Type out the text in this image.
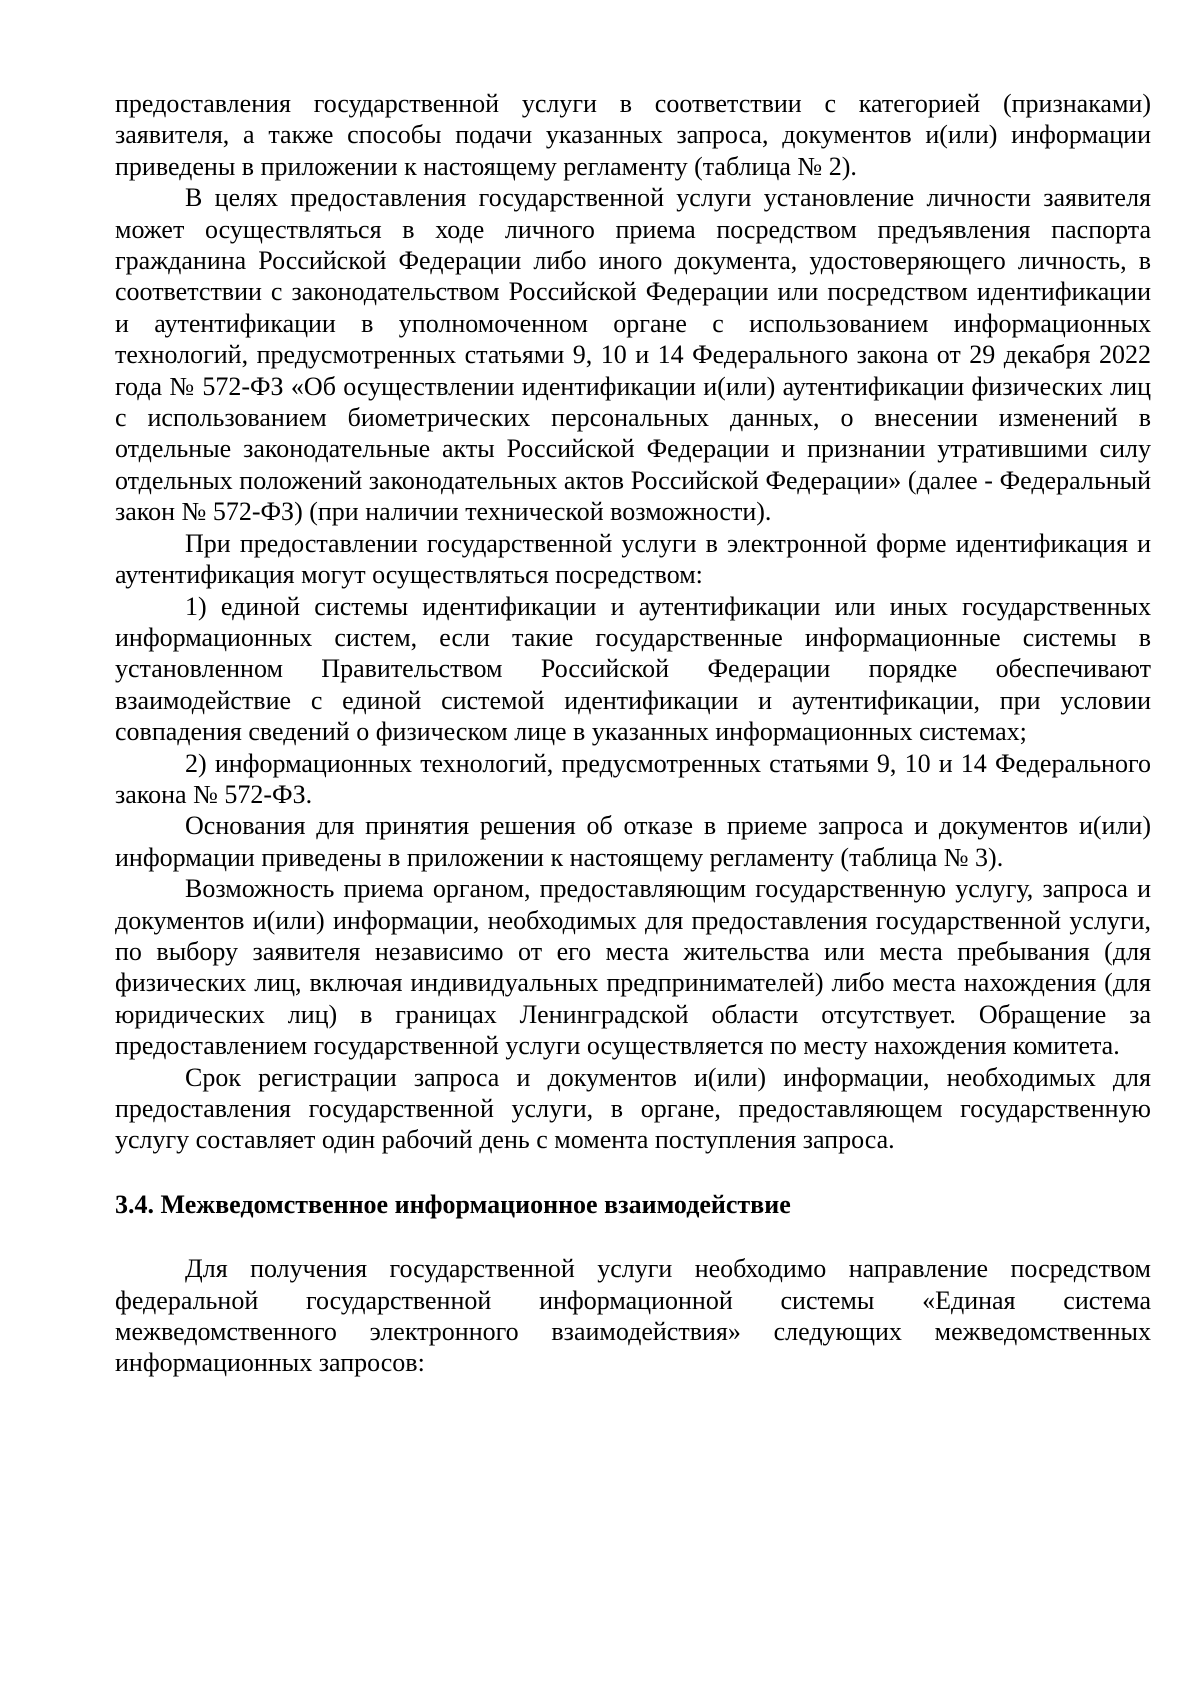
предоставления государственной услуги в соответствии с категорией (признаками) заявителя, а также способы подачи указанных запроса, документов и(или) информации приведены в приложении к настоящему регламенту (таблица № 2).

В целях предоставления государственной услуги установление личности заявителя может осуществляться в ходе личного приема посредством предъявления паспорта гражданина Российской Федерации либо иного документа, удостоверяющего личность, в соответствии с законодательством Российской Федерации или посредством идентификации и аутентификации в уполномоченном органе с использованием информационных технологий, предусмотренных статьями 9, 10 и 14 Федерального закона от 29 декабря 2022 года № 572-ФЗ «Об осуществлении идентификации и(или) аутентификации физических лиц с использованием биометрических персональных данных, о внесении изменений в отдельные законодательные акты Российской Федерации и признании утратившими силу отдельных положений законодательных актов Российской Федерации» (далее - Федеральный закон № 572-ФЗ) (при наличии технической возможности).

При предоставлении государственной услуги в электронной форме идентификация и аутентификация могут осуществляться посредством:

1) единой системы идентификации и аутентификации или иных государственных информационных систем, если такие государственные информационные системы в установленном Правительством Российской Федерации порядке обеспечивают взаимодействие с единой системой идентификации и аутентификации, при условии совпадения сведений о физическом лице в указанных информационных системах;

2) информационных технологий, предусмотренных статьями 9, 10 и 14 Федерального закона № 572-ФЗ.

Основания для принятия решения об отказе в приеме запроса и документов и(или) информации приведены в приложении к настоящему регламенту (таблица № 3).

Возможность приема органом, предоставляющим государственную услугу, запроса и документов и(или) информации, необходимых для предоставления государственной услуги, по выбору заявителя независимо от его места жительства или места пребывания (для физических лиц, включая индивидуальных предпринимателей) либо места нахождения (для юридических лиц) в границах Ленинградской области отсутствует. Обращение за предоставлением государственной услуги осуществляется по месту нахождения комитета.

Срок регистрации запроса и документов и(или) информации, необходимых для предоставления государственной услуги, в органе, предоставляющем государственную услугу составляет один рабочий день с момента поступления запроса.

3.4. Межведомственное информационное взаимодействие

Для получения государственной услуги необходимо направление посредством федеральной государственной информационной системы «Единая система межведомственного электронного взаимодействия» следующих межведомственных информационных запросов:
